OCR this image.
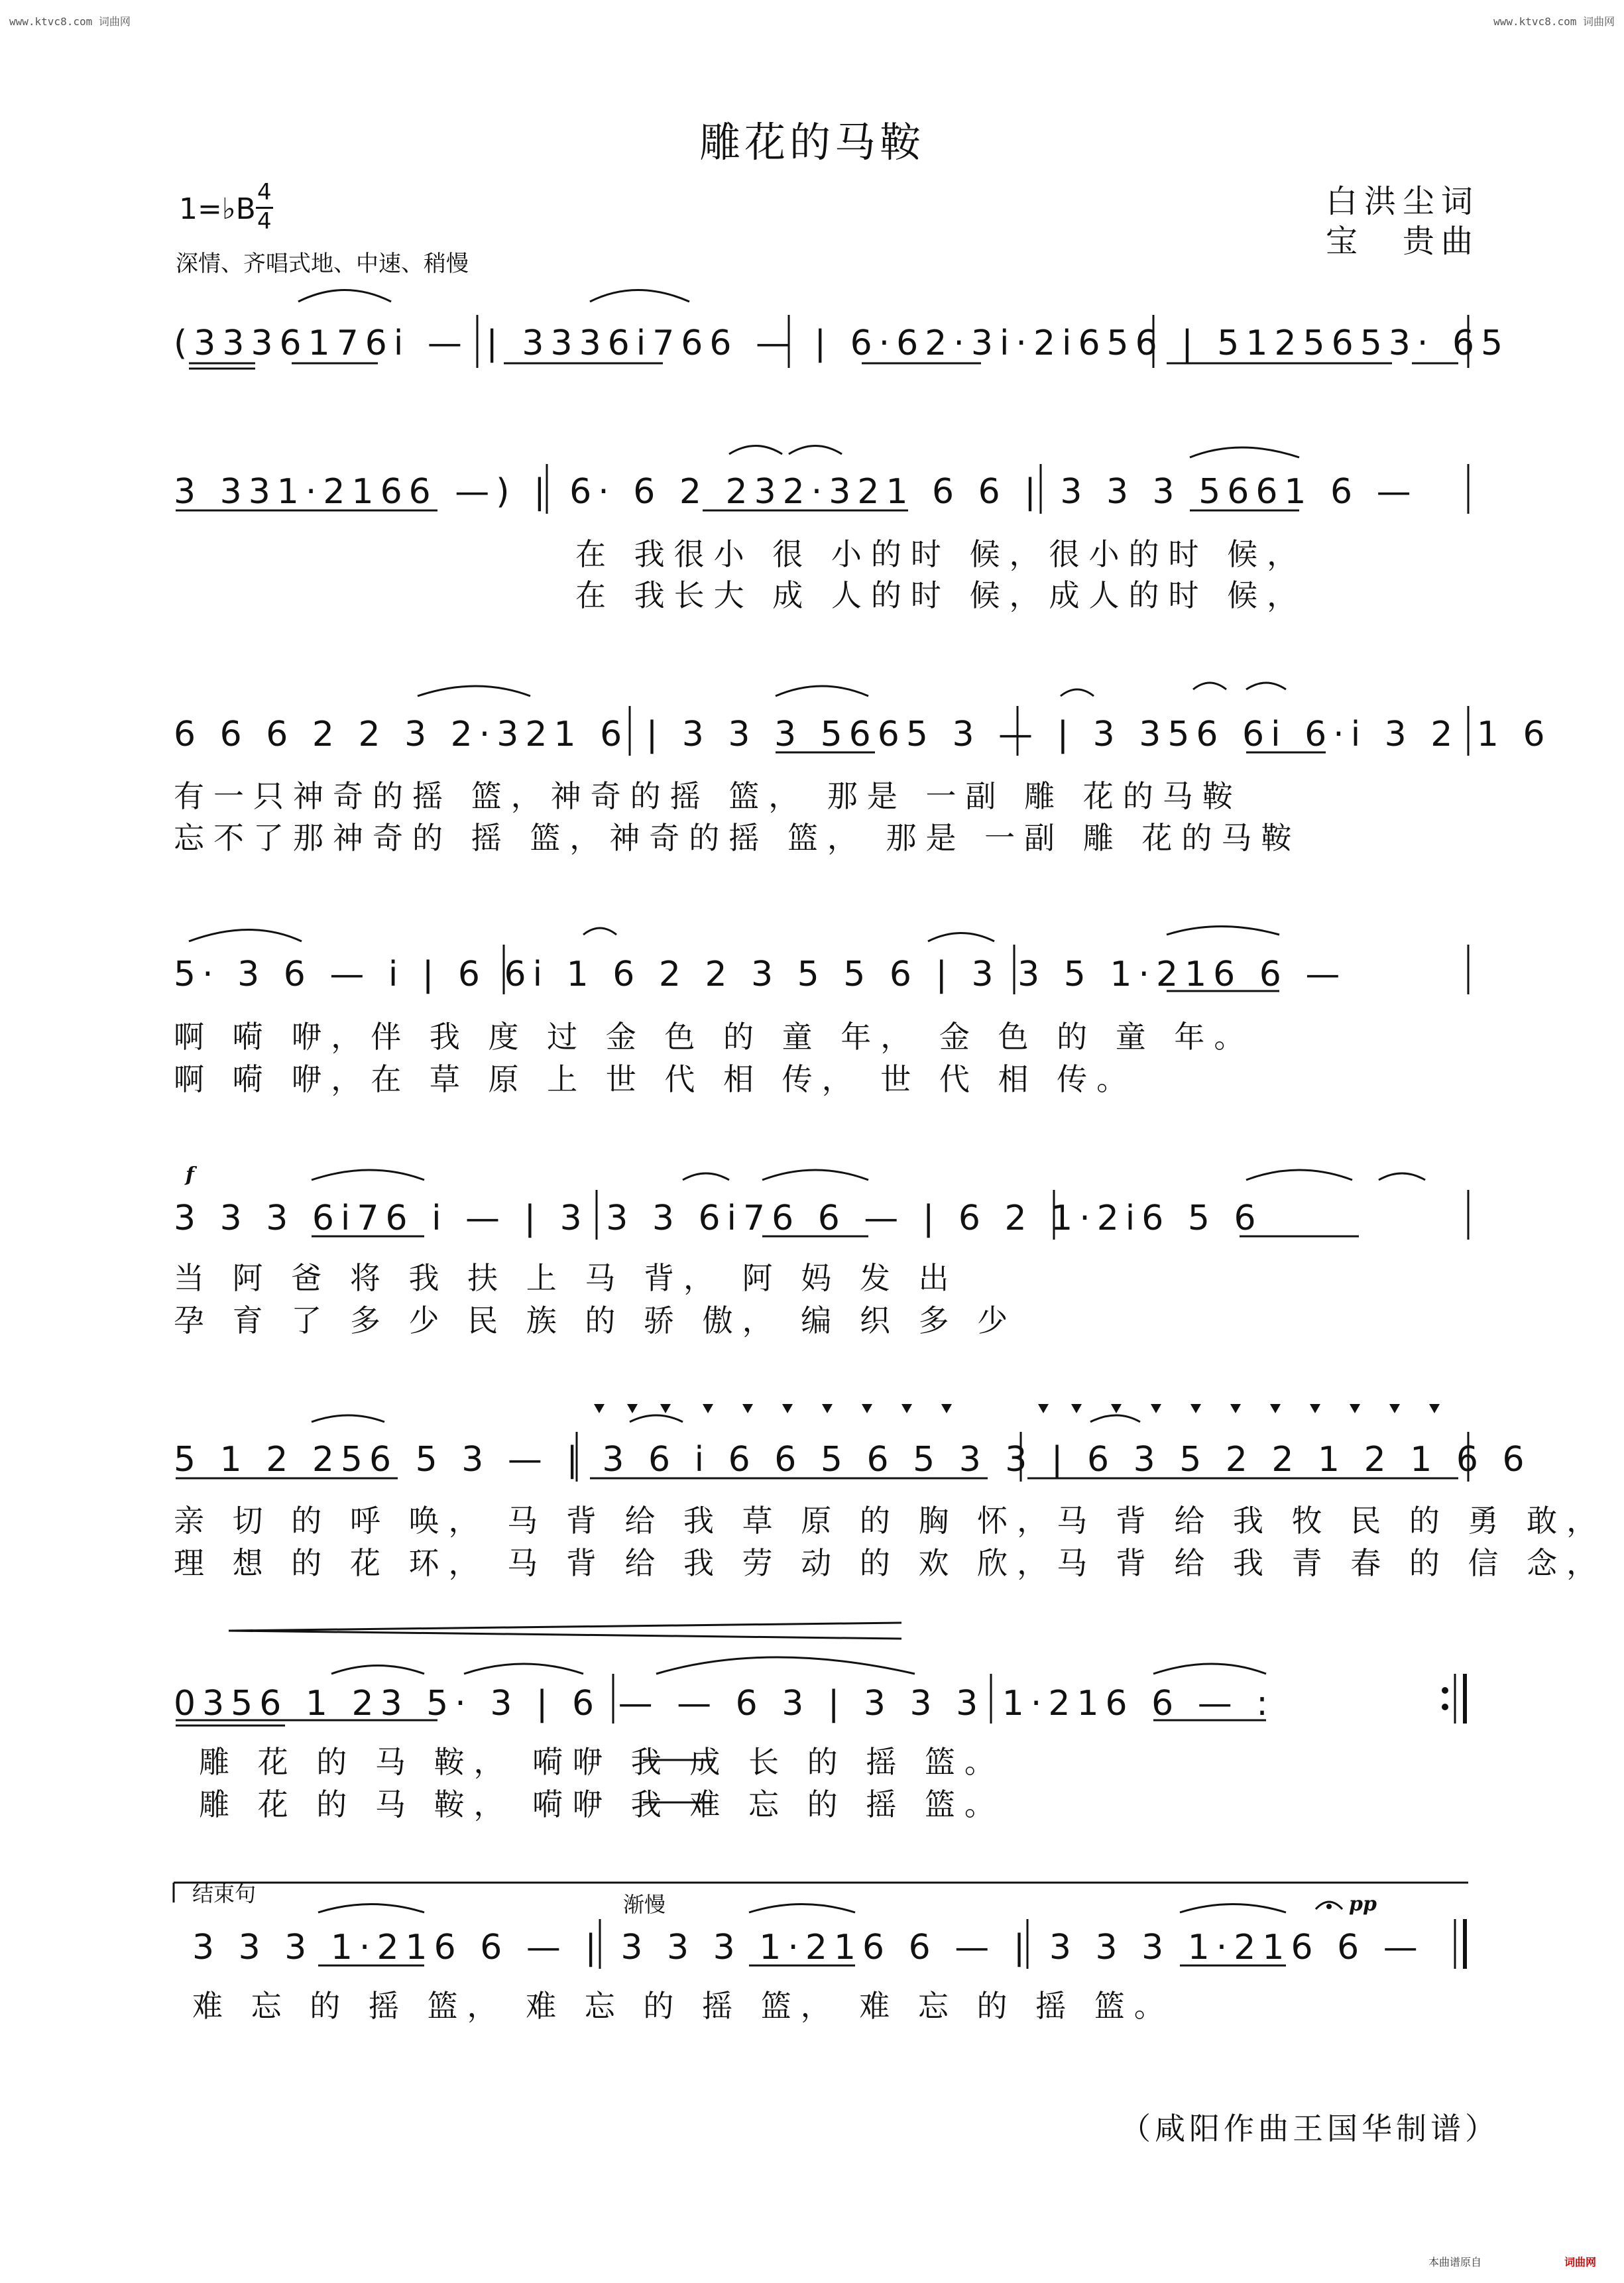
www.ktvc8.com 词曲网	www.ktvc8.com 词曲网
雕花的马鞍
1=♭B 4
4
深情、齐唱式地、中速、稍慢
白洪尘词
宝　贵曲
(3336176i — | 3336i766 — | 6·62·3i·2i656 | 5125653· 65
3 331·2166 —) | 6· 6 2 232·321 6 6 | 3 3 3 5661 6 —
在 我很小 很 小的时 候，很小的时 候，
在 我长大 成 人的时 候，成人的时 候，
6 6 6 2 2 3 2·321 6 | 3 3 3 5665 3 — | 3 356 6i 6·i 3 2 1 6
有一只神奇的摇 篮，神奇的摇 篮， 那是 一副 雕 花的马鞍
忘不了那神奇的 摇 篮，神奇的摇 篮， 那是 一副 雕 花的马鞍
5· 3 6 — i | 6 6i 1 6 2 2 3 5 5 6 | 3 3 5 1·216 6 —
啊 嗬 咿，伴 我 度 过 金 色 的 童 年， 金 色 的 童 年。
啊 嗬 咿，在 草 原 上 世 代 相 传， 世 代 相 传。
f
3 3 3 6i76 i — | 3 3 3 6i76 6 — | 6 2 1·2i6 5 6
当 阿 爸 将 我 扶 上 马 背， 阿 妈 发 出
孕 育 了 多 少 民 族 的 骄 傲， 编 织 多 少
5 1 2 256 5 3 — | 3 6 i 6 6 5 6 5 3 3 | 6 3 5 2 2 1 2 1 6 6
亲 切 的 呼 唤， 马 背 给 我 草 原 的 胸 怀，马 背 给 我 牧 民 的 勇 敢，
理 想 的 花 环， 马 背 给 我 劳 动 的 欢 欣，马 背 给 我 青 春 的 信 念，
0356 1 23 5· 3 | 6 — — 6 3 | 3 3 3 1·216 6 — :
雕 花 的 马 鞍， 嗬咿 我 成 长 的 摇 篮。
雕 花 的 马 鞍， 嗬咿 我 难 忘 的 摇 篮。
结束句	渐慢	pp
3 3 3 1·216 6 — | 3 3 3 1·216 6 — | 3 3 3 1·216 6 —
难 忘 的 摇 篮， 难 忘 的 摇 篮， 难 忘 的 摇 篮。
（咸阳作曲王国华制谱）
本曲谱原自	词曲网
